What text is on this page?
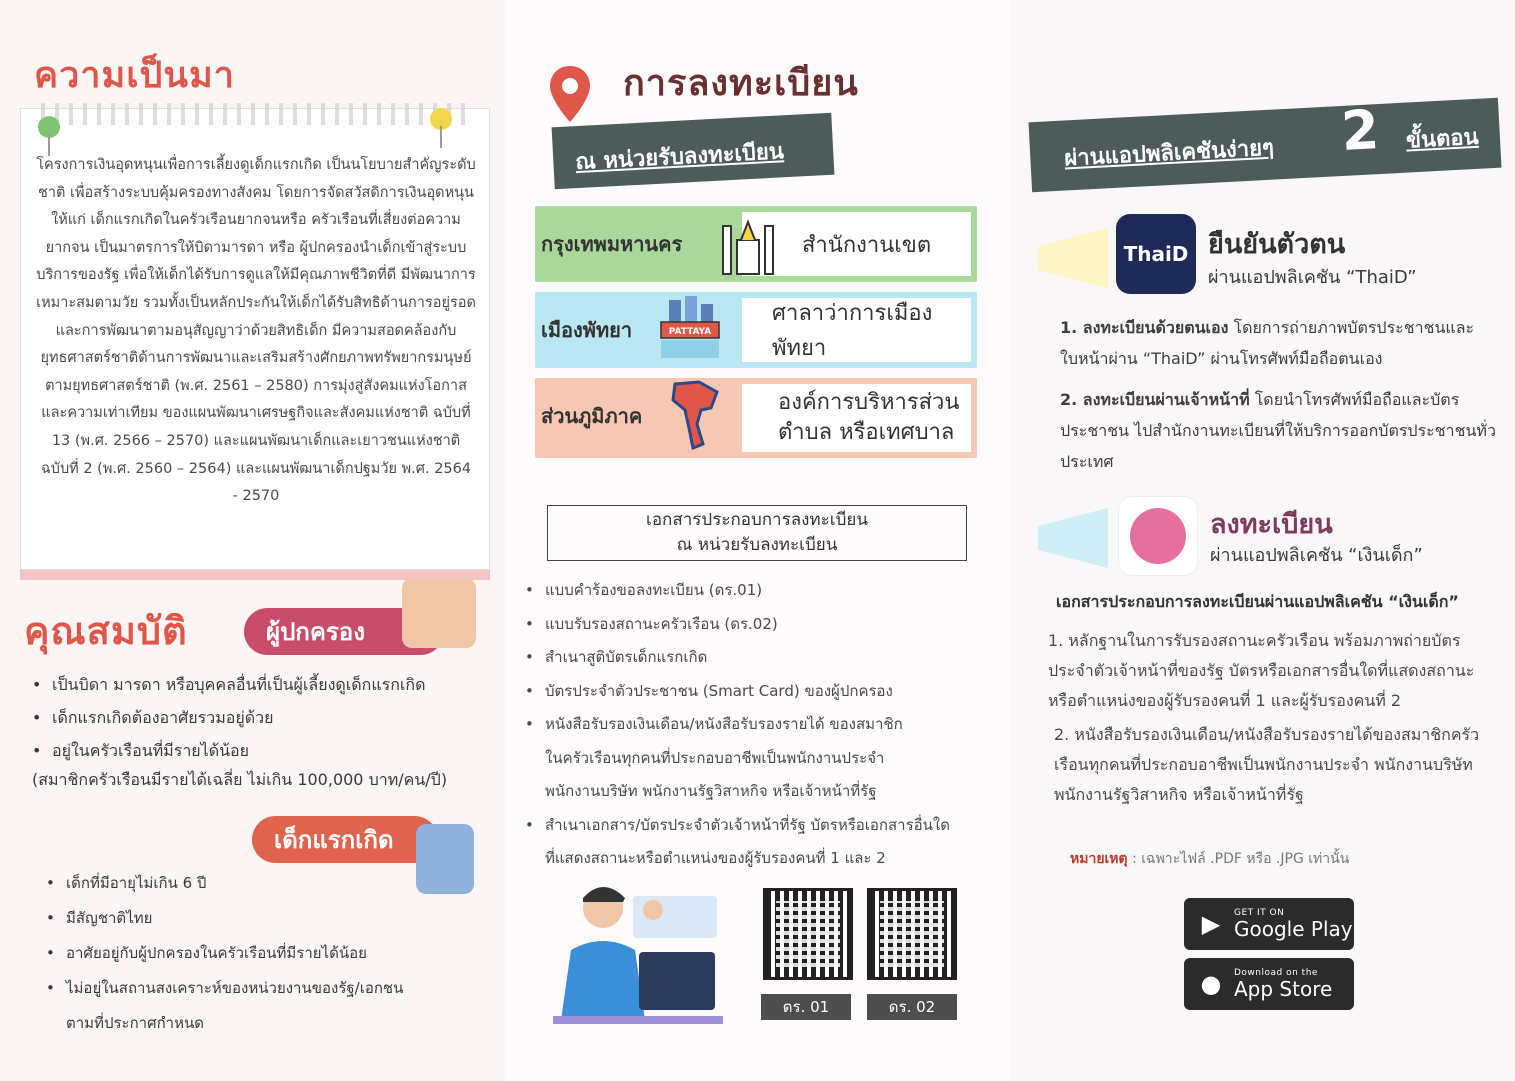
ความเป็นมา
โครงการเงินอุดหนุนเพื่อการเลี้ยงดูเด็กแรกเกิด เป็นนโยบายสำคัญระดับชาติ เพื่อสร้างระบบคุ้มครองทางสังคม โดยการจัดสวัสดิการเงินอุดหนุนให้แก่ เด็กแรกเกิดในครัวเรือนยากจนหรือ ครัวเรือนที่เสี่ยงต่อความยากจน เป็นมาตรการให้บิดามารดา หรือ ผู้ปกครองนำเด็กเข้าสู่ระบบบริการของรัฐ เพื่อให้เด็กได้รับการดูแลให้มีคุณภาพชีวิตที่ดี มีพัฒนาการเหมาะสมตามวัย รวมทั้งเป็นหลักประกันให้เด็กได้รับสิทธิด้านการอยู่รอดและการพัฒนาตามอนุสัญญาว่าด้วยสิทธิเด็ก มีความสอดคล้องกับยุทธศาสตร์ชาติด้านการพัฒนาและเสริมสร้างศักยภาพทรัพยากรมนุษย์ตามยุทธศาสตร์ชาติ (พ.ศ. 2561 – 2580) การมุ่งสู่สังคมแห่งโอกาสและความเท่าเทียม ของแผนพัฒนาเศรษฐกิจและสังคมแห่งชาติ ฉบับที่ 13 (พ.ศ. 2566 – 2570) และแผนพัฒนาเด็กและเยาวชนแห่งชาติ ฉบับที่ 2 (พ.ศ. 2560 – 2564) และแผนพัฒนาเด็กปฐมวัย พ.ศ. 2564 - 2570
คุณสมบัติ	ผู้ปกครอง
• เป็นบิดา มารดา หรือบุคคลอื่นที่เป็นผู้เลี้ยงดูเด็กแรกเกิด
• เด็กแรกเกิดต้องอาศัยรวมอยู่ด้วย
• อยู่ในครัวเรือนที่มีรายได้น้อย
(สมาชิกครัวเรือนมีรายได้เฉลี่ย ไม่เกิน 100,000 บาท/คน/ปี)
เด็กแรกเกิด
• เด็กที่มีอายุไม่เกิน 6 ปี
• มีสัญชาติไทย
• อาศัยอยู่กับผู้ปกครองในครัวเรือนที่มีรายได้น้อย
• ไม่อยู่ในสถานสงเคราะห์ของหน่วยงานของรัฐ/เอกชน
ตามที่ประกาศกำหนด
การลงทะเบียน
ณ หน่วยรับลงทะเบียน
กรุงเทพมหานคร	สำนักงานเขต
เมืองพัทยา
ศาลาว่าการเมืองพัทยา
PATTAYA
ส่วนภูมิภาค
องค์การบริหารส่วนตำบล หรือเทศบาล
เอกสารประกอบการลงทะเบียน
ณ หน่วยรับลงทะเบียน
• แบบคำร้องขอลงทะเบียน (ดร.01)
• แบบรับรองสถานะครัวเรือน (ดร.02)
• สำเนาสูติบัตรเด็กแรกเกิด
• บัตรประจำตัวประชาชน (Smart Card) ของผู้ปกครอง
• หนังสือรับรองเงินเดือน/หนังสือรับรองรายได้ ของสมาชิก
ในครัวเรือนทุกคนที่ประกอบอาชีพเป็นพนักงานประจำ
พนักงานบริษัท พนักงานรัฐวิสาหกิจ หรือเจ้าหน้าที่รัฐ
• สำเนาเอกสาร/บัตรประจำตัวเจ้าหน้าที่รัฐ บัตรหรือเอกสารอื่นใด
ที่แสดงสถานะหรือตำแหน่งของผู้รับรองคนที่ 1 และ 2
ดร. 01	ดร. 02
ผ่านแอปพลิเคชันง่ายๆ 2 ขั้นตอน
ThaiD ยืนยันตัวตน
ผ่านแอปพลิเคชัน “ThaiD”

1. ลงทะเบียนด้วยตนเอง โดยการถ่ายภาพบัตรประชาชนและใบหน้าผ่าน “ThaiD” ผ่านโทรศัพท์มือถือตนเอง

2. ลงทะเบียนผ่านเจ้าหน้าที่ โดยนำโทรศัพท์มือถือและบัตรประชาชน ไปสำนักงานทะเบียนที่ให้บริการออกบัตรประชาชนทั่วประเทศ

ลงทะเบียน
ผ่านแอปพลิเคชัน “เงินเด็ก”
เอกสารประกอบการลงทะเบียนผ่านแอปพลิเคชัน “เงินเด็ก”

1. หลักฐานในการรับรองสถานะครัวเรือน พร้อมภาพถ่ายบัตรประจำตัวเจ้าหน้าที่ของรัฐ บัตรหรือเอกสารอื่นใดที่แสดงสถานะ หรือตำแหน่งของผู้รับรองคนที่ 1 และผู้รับรองคนที่ 2

2. หนังสือรับรองเงินเดือน/หนังสือรับรองรายได้ของสมาชิกครัวเรือนทุกคนที่ประกอบอาชีพเป็นพนักงานประจำ พนักงานบริษัท พนักงานรัฐวิสาหกิจ หรือเจ้าหน้าที่รัฐ

หมายเหตุ : เฉพาะไฟล์ .PDF หรือ .JPG เท่านั้น
▶	GET IT ON
Google Play
●	Download on the
App Store
